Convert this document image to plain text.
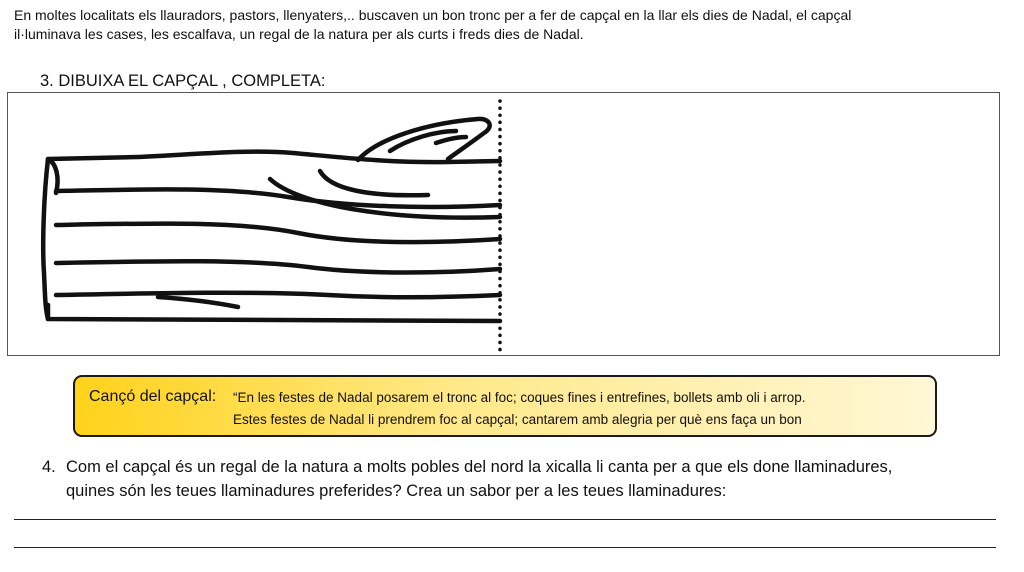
En moltes localitats els llauradors, pastors, llenyaters,.. buscaven un bon tronc per a fer de capçal en la llar els dies de Nadal, el capçal
il·luminava les cases, les escalfava, un regal de la natura per als curts i freds dies de Nadal.
3. DIBUIXA EL CAPÇAL , COMPLETA:
Cançó del capçal: “En les festes de Nadal posarem el tronc al foc; coques fines i entrefines, bollets amb oli i arrop.
Estes festes de Nadal li prendrem foc al capçal; cantarem amb alegria per què ens faça un bon
4. Com el capçal és un regal de la natura a molts pobles del nord la xicalla li canta per a que els done llaminadures,
quines són les teues llaminadures preferides? Crea un sabor per a les teues llaminadures:
